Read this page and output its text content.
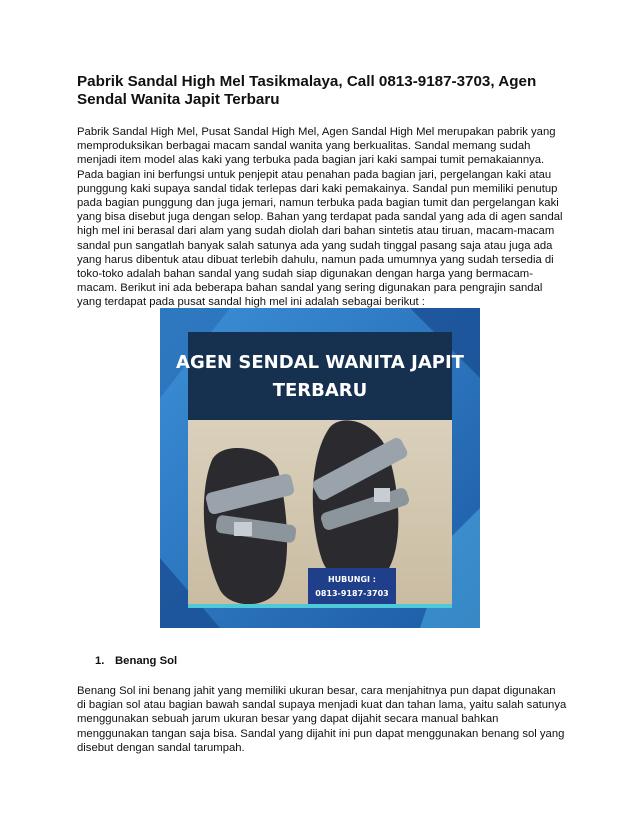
Pabrik Sandal High Mel Tasikmalaya, Call 0813-9187-3703, Agen Sendal Wanita Japit Terbaru

Pabrik Sandal High Mel, Pusat Sandal High Mel, Agen Sandal High Mel merupakan pabrik yang memproduksikan berbagai macam sandal wanita yang berkualitas. Sandal memang sudah menjadi item model alas kaki yang terbuka pada bagian jari kaki sampai tumit pemakaiannya. Pada bagian ini berfungsi untuk penjepit atau penahan pada bagian jari, pergelangan kaki atau punggung kaki supaya sandal tidak terlepas dari kaki pemakainya. Sandal pun memiliki penutup pada bagian punggung dan juga jemari, namun terbuka pada bagian tumit dan pergelangan kaki yang bisa disebut juga dengan selop. Bahan yang terdapat pada sandal yang ada di agen sandal high mel ini berasal dari alam yang sudah diolah dari bahan sintetis atau tiruan, macam-macam sandal pun sangatlah banyak salah satunya ada yang sudah tinggal pasang saja atau juga ada yang harus dibentuk atau dibuat terlebih dahulu, namun pada umumnya yang sudah tersedia di toko-toko adalah bahan sandal yang sudah siap digunakan dengan harga yang bermacam-macam. Berikut ini ada beberapa bahan sandal yang sering digunakan para pengrajin sandal yang terdapat pada pusat sandal high mel ini adalah sebagai berikut :

AGEN SENDAL WANITA JAPIT
TERBARU
HUBUNGI :
0813-9187-3703
1. Benang Sol

Benang Sol ini benang jahit yang memiliki ukuran besar, cara menjahitnya pun dapat digunakan di bagian sol atau bagian bawah sandal supaya menjadi kuat dan tahan lama, yaitu salah satunya menggunakan sebuah jarum ukuran besar yang dapat dijahit secara manual bahkan menggunakan tangan saja bisa. Sandal yang dijahit ini pun dapat menggunakan benang sol yang disebut dengan sandal tarumpah.
